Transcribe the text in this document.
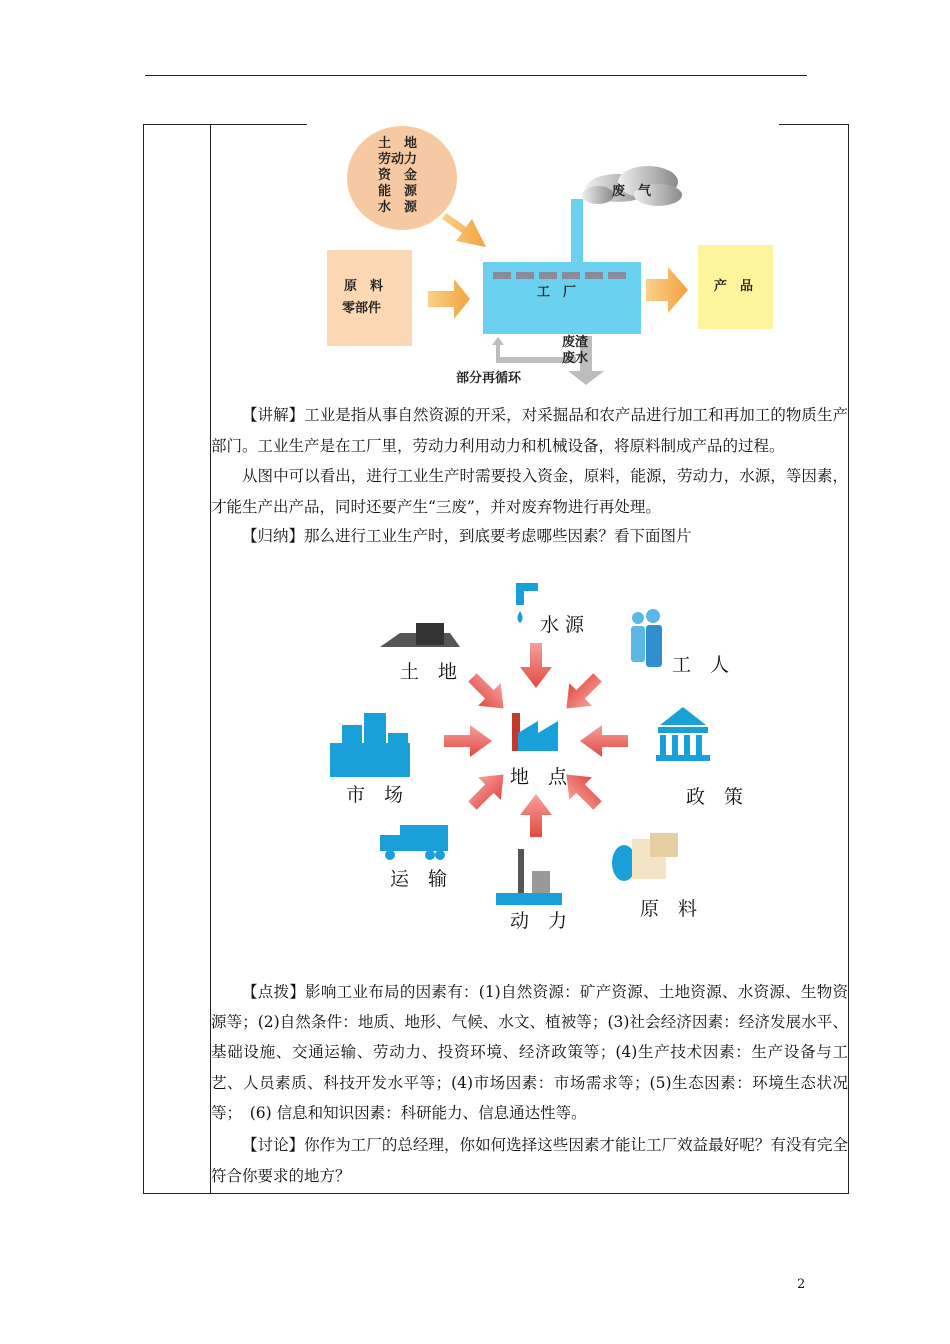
土　地
劳动力
资　金
能　源
水　源
原　料
零部件
工　厂
废　气
产　品
废渣
废水
部分再循环
【讲解】工业是指从事自然资源的开采，对采掘品和农产品进行加工和再加工的物质生产部门。工业生产是在工厂里，劳动力利用动力和机械设备，将原料制成产品的过程。
从图中可以看出，进行工业生产时需要投入资金，原料，能源，劳动力，水源，等因素，才能生产出产品，同时还要产生“三废”，并对废弃物进行再处理。
【归纳】那么进行工业生产时，到底要考虑哪些因素？看下面图片
地　点
水 源
土　地	工　人
市　场	政　策
运　输
动　力
原　料
【点拨】影响工业布局的因素有：(1)自然资源：矿产资源、土地资源、水资源、生物资源等；(2)自然条件：地质、地形、气候、水文、植被等；(3)社会经济因素：经济发展水平、基础设施、交通运输、劳动力、投资环境、经济政策等；(4)生产技术因素：生产设备与工艺、人员素质、科技开发水平等；(4)市场因素：市场需求等；(5)生态因素：环境生态状况等；　(6) 信息和知识因素：科研能力、信息通达性等。
【讨论】你作为工厂的总经理，你如何选择这些因素才能让工厂效益最好呢？有没有完全符合你要求的地方？
2
